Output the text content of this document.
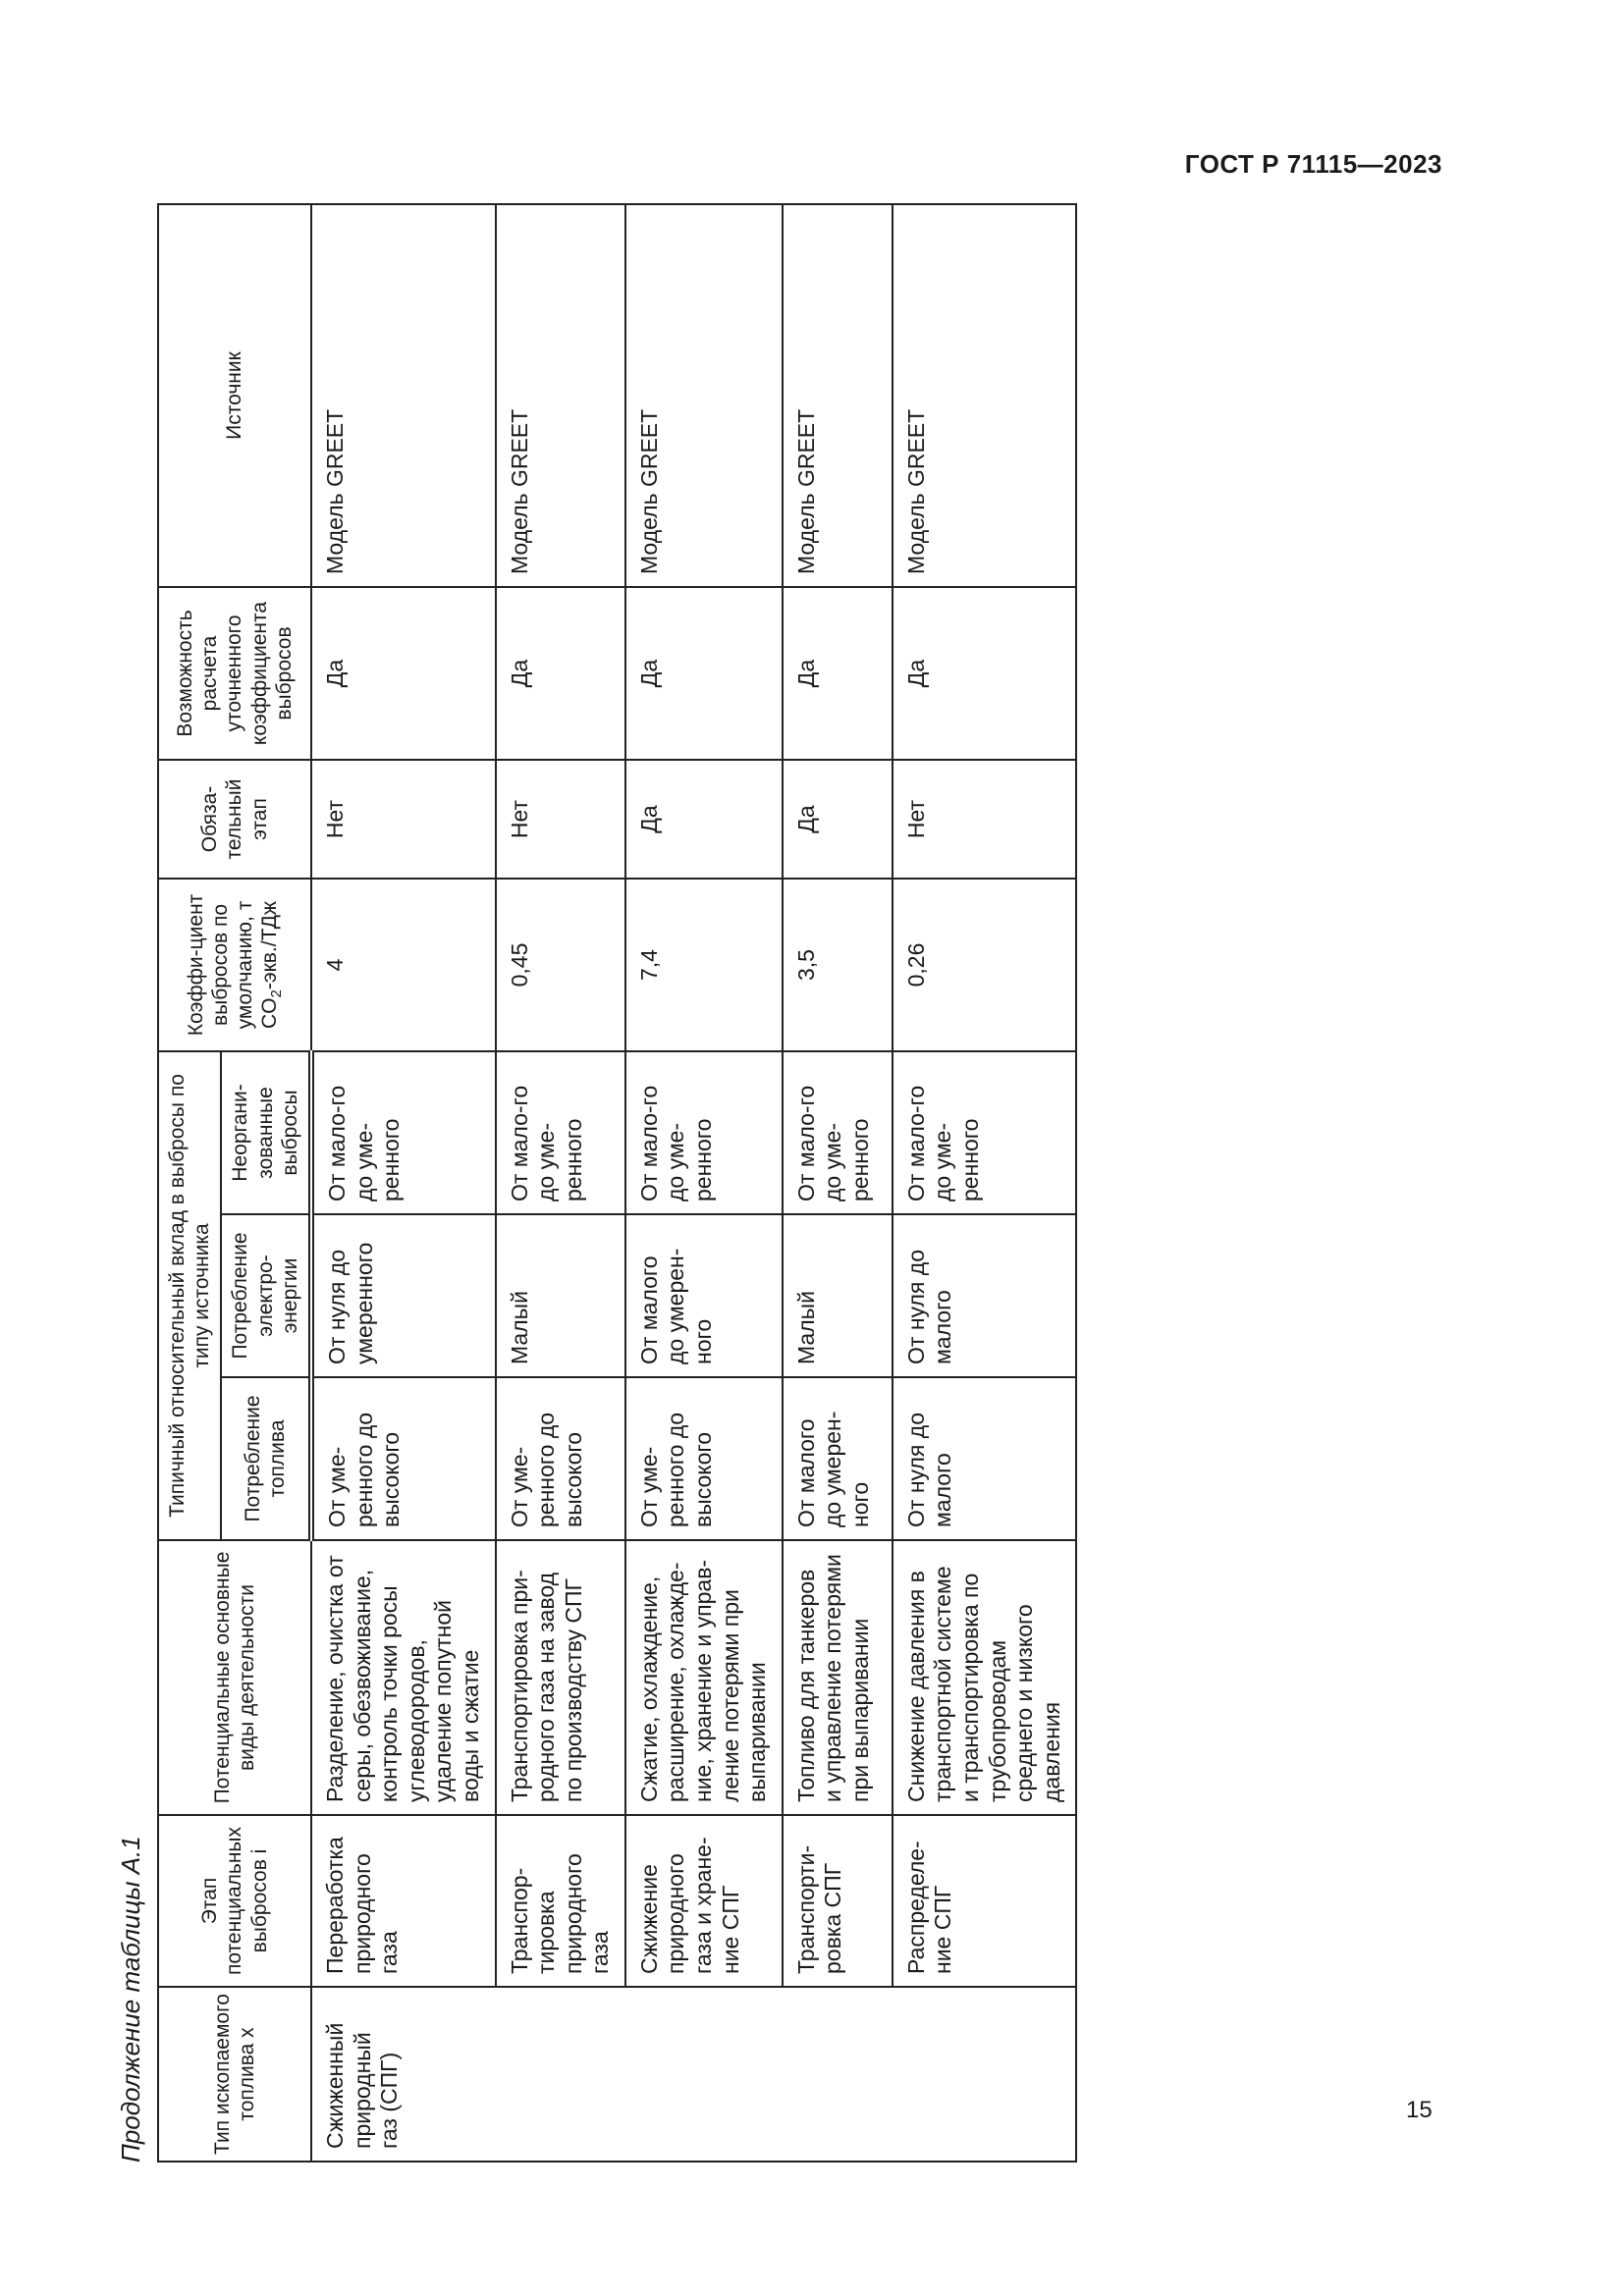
ГОСТ Р 71115—2023
Продолжение таблицы А.1	Тип ископаемого топлива x	Этап потенциальных выбросов i	Потенциальные основные виды деятельности	Типичный относительный вклад в выбросы по типу источника			Коэффи-циент выбросов по умолчанию, т $CO_2-экв$./ТДж	Обяза-тельный этап	Возможность расчета уточненного коэффициента выбросов	Источник
			Потребление топлива	Потребление электро-энергии	Неоргани-зованные выбросы				
Сжиженный природный газ (СПГ)	Переработка природного газа	Разделение, очистка от серы, обезвоживание, контроль точки росы углеводородов, удаление попутной воды и сжатие	От уме-ренного до высокого	От нуля до умеренного	От мало-го до уме-ренного	4	Нет	Да	Модель GREET
	Транспор-тировка природного газа	Транспортировка при-родного газа на завод по производству СПГ	От уме-ренного до высокого	Малый	От мало-го до уме-ренного	0,45	Нет	Да	Модель GREET
	Сжижение природного газа и хране-ние СПГ	Сжатие, охлаждение, расширение, охлажде-ние, хранение и управ-ление потерями при выпаривании	От уме-ренного до высокого	От малого до умерен-ного	От мало-го до уме-ренного	7,4	Да	Да	Модель GREET
	Транспорти-ровка СПГ	Топливо для танкеров и управление потерями при выпаривании	От малого до умерен-ного	Малый	От мало-го до уме-ренного	3,5	Да	Да	Модель GREET
	Распределе-ние СПГ	Снижение давления в транспортной системе и транспортировка по трубопроводам среднего и низкого давления	От нуля до малого	От нуля до малого	От мало-го до уме-ренного	0,26	Нет	Да	Модель GREET
15
